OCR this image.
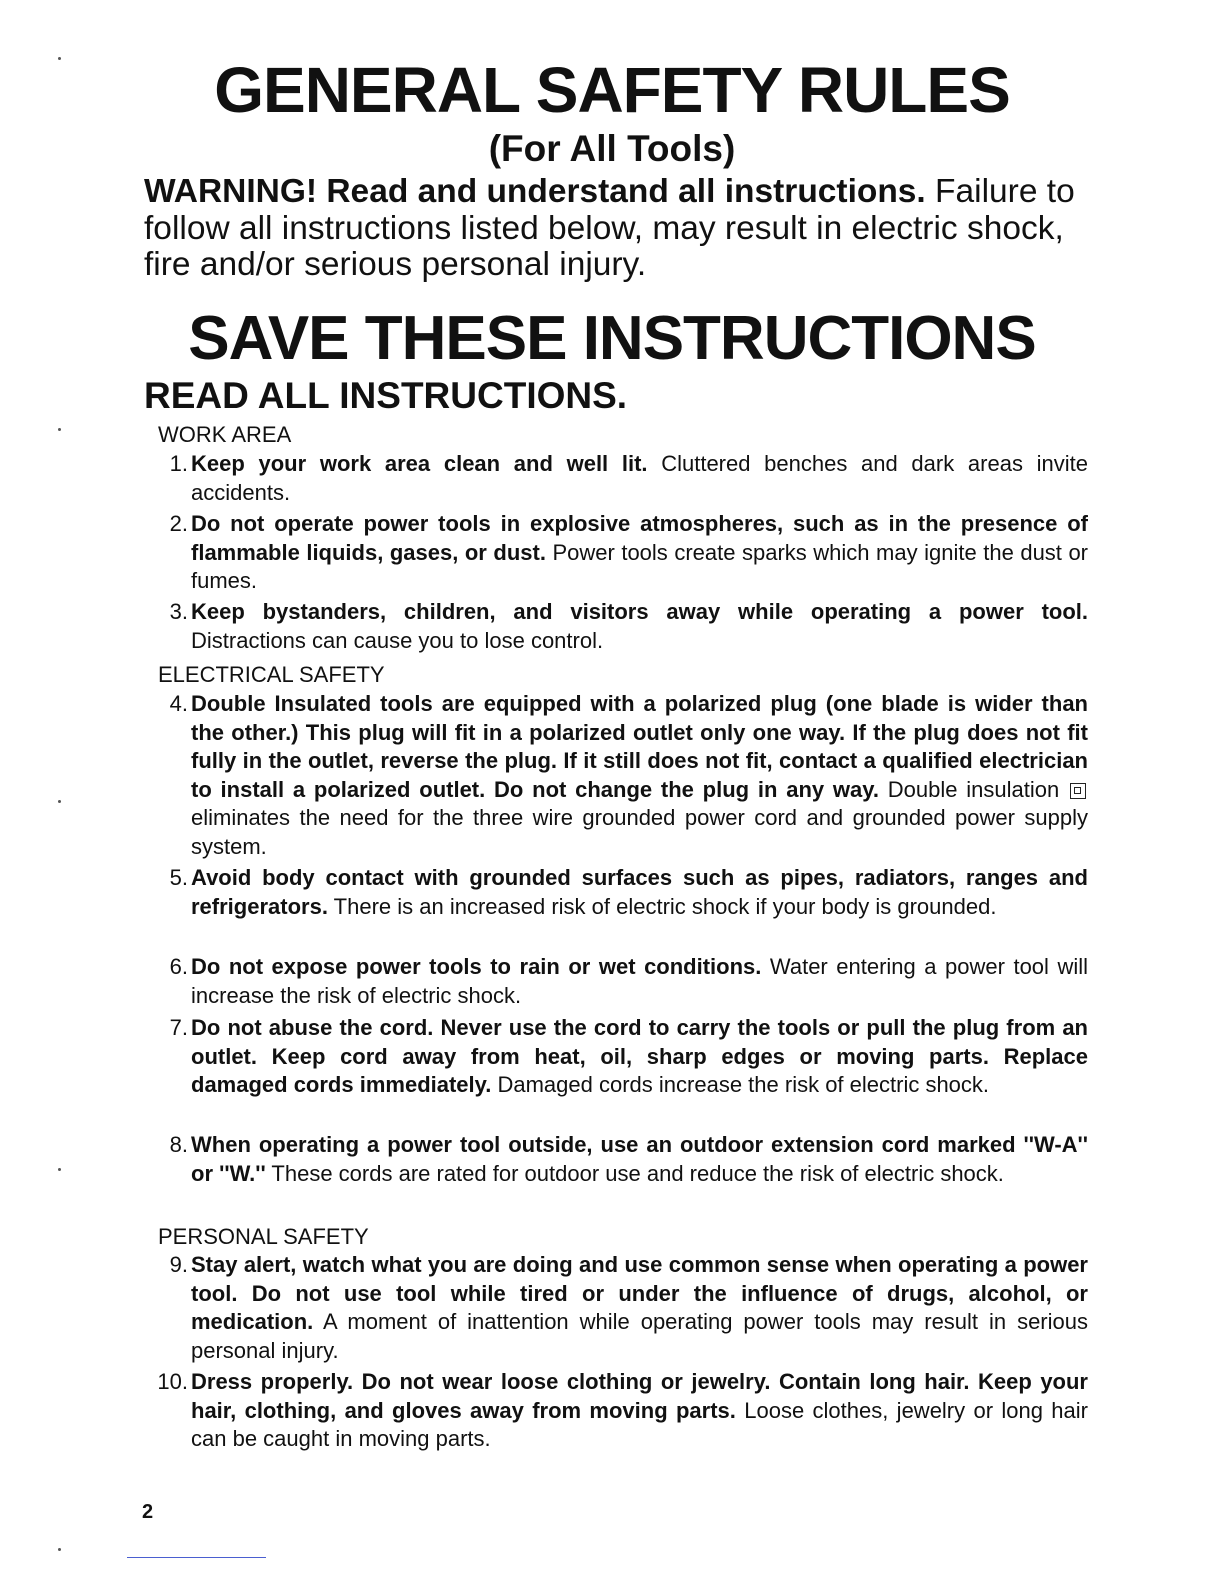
GENERAL SAFETY RULES
(For All Tools)
WARNING! Read and understand all instructions. Failure to follow all instructions listed below, may result in electric shock, fire and/or serious personal injury.
SAVE THESE INSTRUCTIONS
READ ALL INSTRUCTIONS.
WORK AREA
1. Keep your work area clean and well lit. Cluttered benches and dark areas invite accidents.
2. Do not operate power tools in explosive atmospheres, such as in the presence of flammable liquids, gases, or dust. Power tools create sparks which may ignite the dust or fumes.
3. Keep bystanders, children, and visitors away while operating a power tool. Distractions can cause you to lose control.
ELECTRICAL SAFETY
4. Double Insulated tools are equipped with a polarized plug (one blade is wider than the other.) This plug will fit in a polarized outlet only one way. If the plug does not fit fully in the outlet, reverse the plug. If it still does not fit, contact a qualified electrician to install a polarized outlet. Do not change the plug in any way. Double insulation  eliminates the need for the three wire grounded power cord and grounded power supply system.
5. Avoid body contact with grounded surfaces such as pipes, radiators, ranges and refrigerators. There is an increased risk of electric shock if your body is grounded.
6. Do not expose power tools to rain or wet conditions. Water entering a power tool will increase the risk of electric shock.
7. Do not abuse the cord. Never use the cord to carry the tools or pull the plug from an outlet. Keep cord away from heat, oil, sharp edges or moving parts. Replace damaged cords immediately. Damaged cords increase the risk of electric shock.
8. When operating a power tool outside, use an outdoor extension cord marked ''W-A'' or ''W.'' These cords are rated for outdoor use and reduce the risk of electric shock.
PERSONAL SAFETY
9. Stay alert, watch what you are doing and use common sense when operating a power tool. Do not use tool while tired or under the influence of drugs, alcohol, or medication. A moment of inattention while operating power tools may result in serious personal injury.
10. Dress properly. Do not wear loose clothing or jewelry. Contain long hair. Keep your hair, clothing, and gloves away from moving parts. Loose clothes, jewelry or long hair can be caught in moving parts.
2
